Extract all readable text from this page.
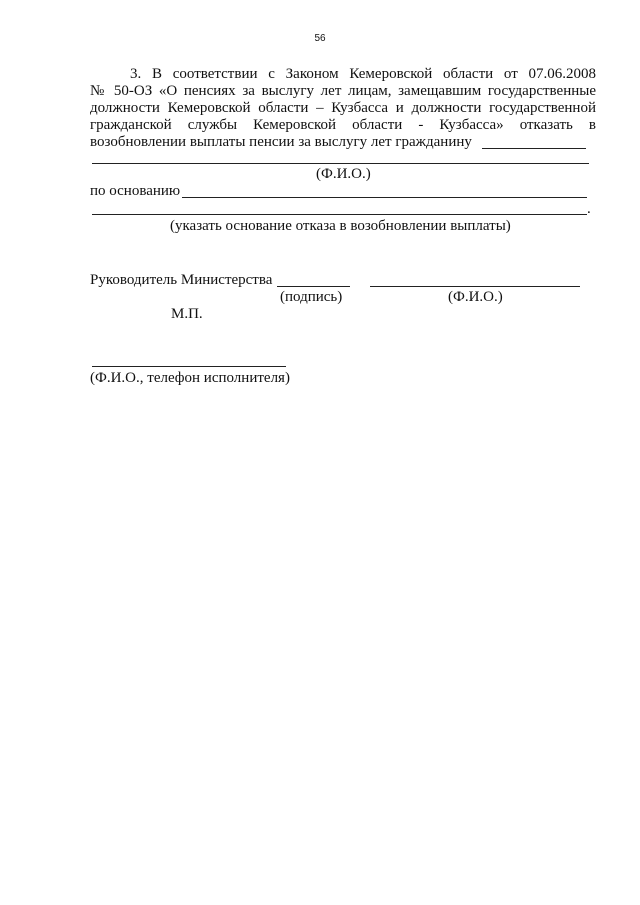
56
3. В соответствии с Законом Кемеровской области от 07.06.2008
№ 50-ОЗ «О пенсиях за выслугу лет лицам, замещавшим государственные
должности Кемеровской области – Кузбасса и должности государственной
гражданской службы Кемеровской области - Кузбасса» отказать в
возобновлении выплаты пенсии за выслугу лет гражданину
(Ф.И.О.)
по основанию
.
(указать основание отказа в возобновлении выплаты)
Руководитель Министерства
(подпись)	(Ф.И.О.)
М.П.
(Ф.И.О., телефон исполнителя)
